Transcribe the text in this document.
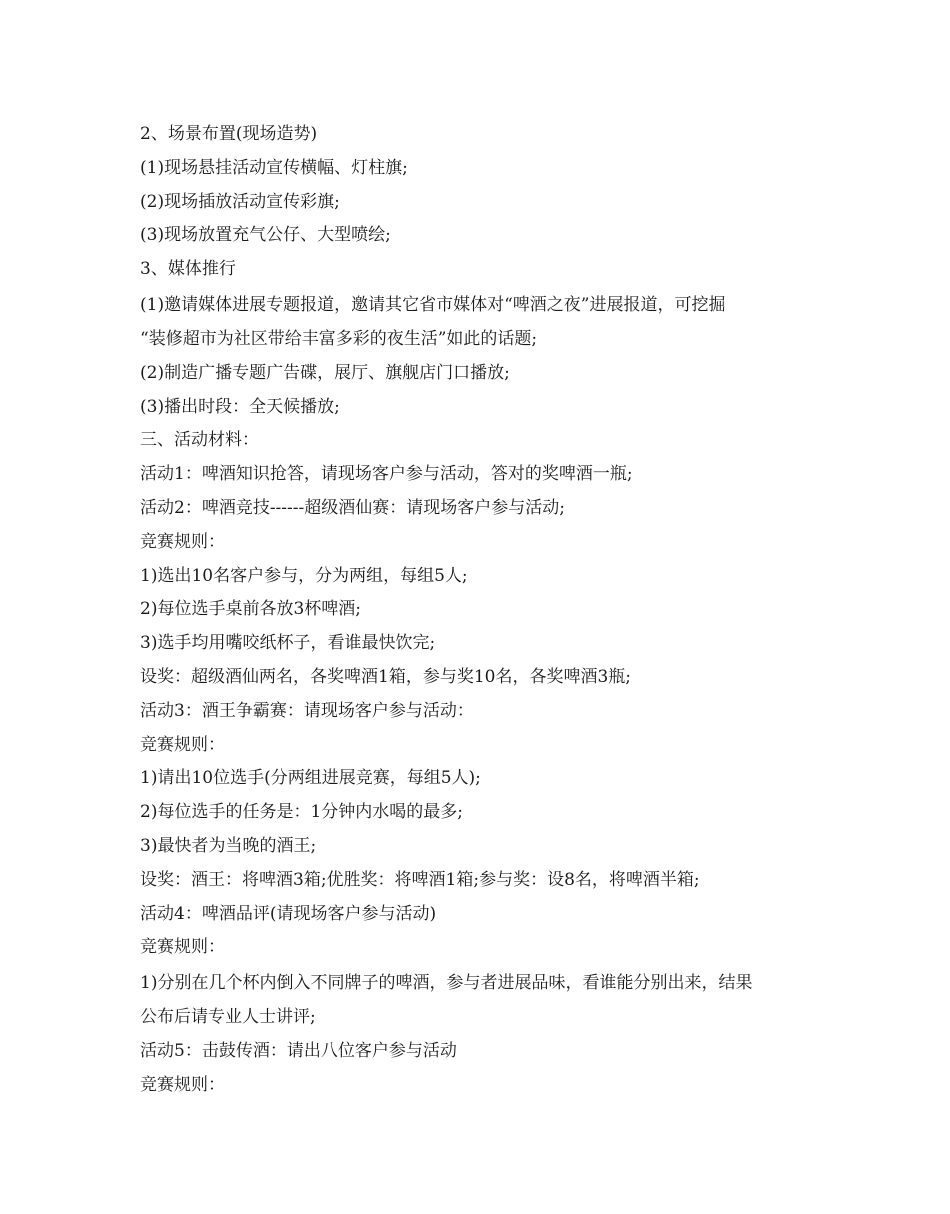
2、场景布置(现场造势)
(1)现场悬挂活动宣传横幅、灯柱旗;
(2)现场插放活动宣传彩旗;
(3)现场放置充气公仔、大型喷绘;
3、媒体推行
(1)邀请媒体进展专题报道，邀请其它省市媒体对“啤酒之夜”进展报道，可挖掘
“装修超市为社区带给丰富多彩的夜生活”如此的话题;
(2)制造广播专题广告碟，展厅、旗舰店门口播放;
(3)播出时段：全天候播放;
三、活动材料：
活动1：啤酒知识抢答，请现场客户参与活动，答对的奖啤酒一瓶;
活动2：啤酒竞技------超级酒仙赛：请现场客户参与活动;
竞赛规则：
1)选出10名客户参与，分为两组，每组5人;
2)每位选手桌前各放3杯啤酒;
3)选手均用嘴咬纸杯子，看谁最快饮完;
设奖：超级酒仙两名，各奖啤酒1箱，参与奖10名，各奖啤酒3瓶;
活动3：酒王争霸赛：请现场客户参与活动：
竞赛规则：
1)请出10位选手(分两组进展竞赛，每组5人);
2)每位选手的任务是：1分钟内水喝的最多;
3)最快者为当晚的酒王;
设奖：酒王：将啤酒3箱;优胜奖：将啤酒1箱;参与奖：设8名，将啤酒半箱;
活动4：啤酒品评(请现场客户参与活动)
竞赛规则：
1)分别在几个杯内倒入不同牌子的啤酒，参与者进展品味，看谁能分别出来，结果
公布后请专业人士讲评;
活动5：击鼓传酒：请出八位客户参与活动
竞赛规则：
